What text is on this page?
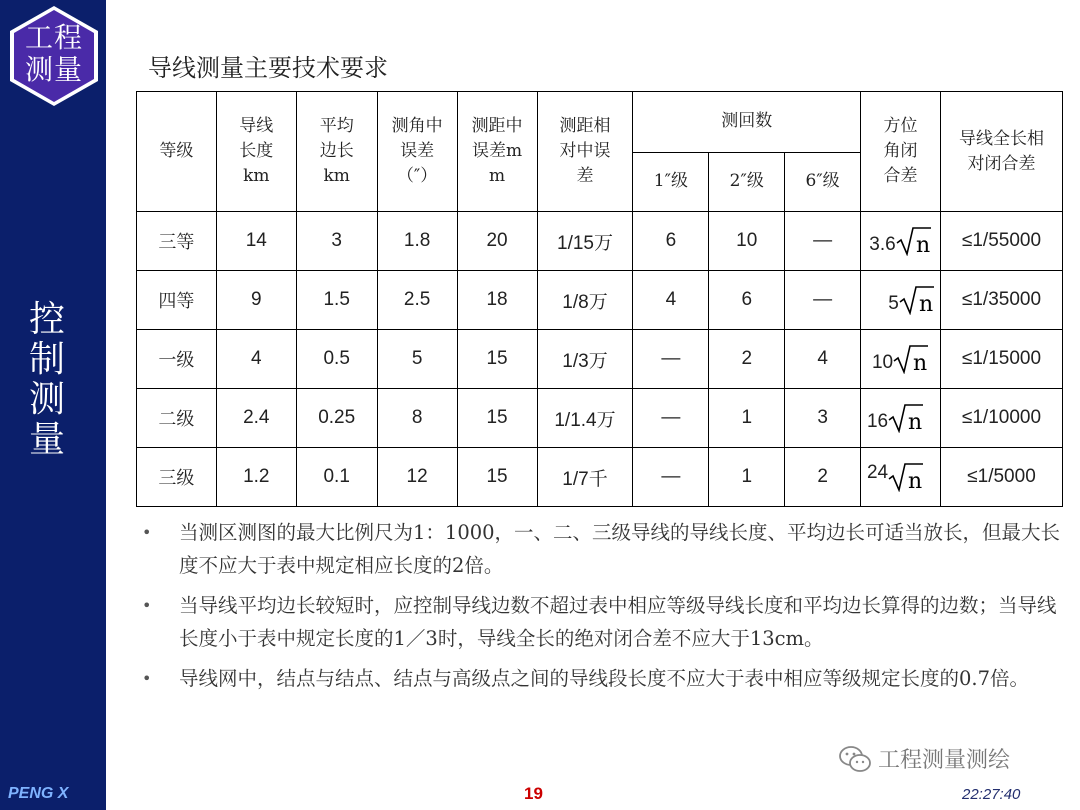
工程
测量
控制测量
PENG X	19	22:27:40
导线测量主要技术要求
等级	导线长度km	平均边长km	测角中误差（″）	测距中误差mm	测距相对中误差	测回数			方位角闭合差	导线全长相对闭合差

						1″级	2″级	6″级		

三等	14	3	1.8	20	1/15万	6	10	—	3.6 n	≤1/55000
四等	9	1.5	2.5	18	1/8万	4	6	—	5 n	≤1/35000
一级	4	0.5	5	15	1/3万	—	2	4	10 n	≤1/15000
二级	2.4	0.25	8	15	1/1.4万	—	1	3	16 n	≤1/10000
三级	1.2	0.1	12	15	1/7千	—	1	2	24 n	≤1/5000
• 当测区测图的最大比例尺为1：1000，一、二、三级导线的导线长度、平均边长可适当放长，但最大长度不应大于表中规定相应长度的2倍。
• 当导线平均边长较短时，应控制导线边数不超过表中相应等级导线长度和平均边长算得的边数；当导线长度小于表中规定长度的1／3时，导线全长的绝对闭合差不应大于13cm。
• 导线网中，结点与结点、结点与高级点之间的导线段长度不应大于表中相应等级规定长度的0.7倍。
工程测量测绘
